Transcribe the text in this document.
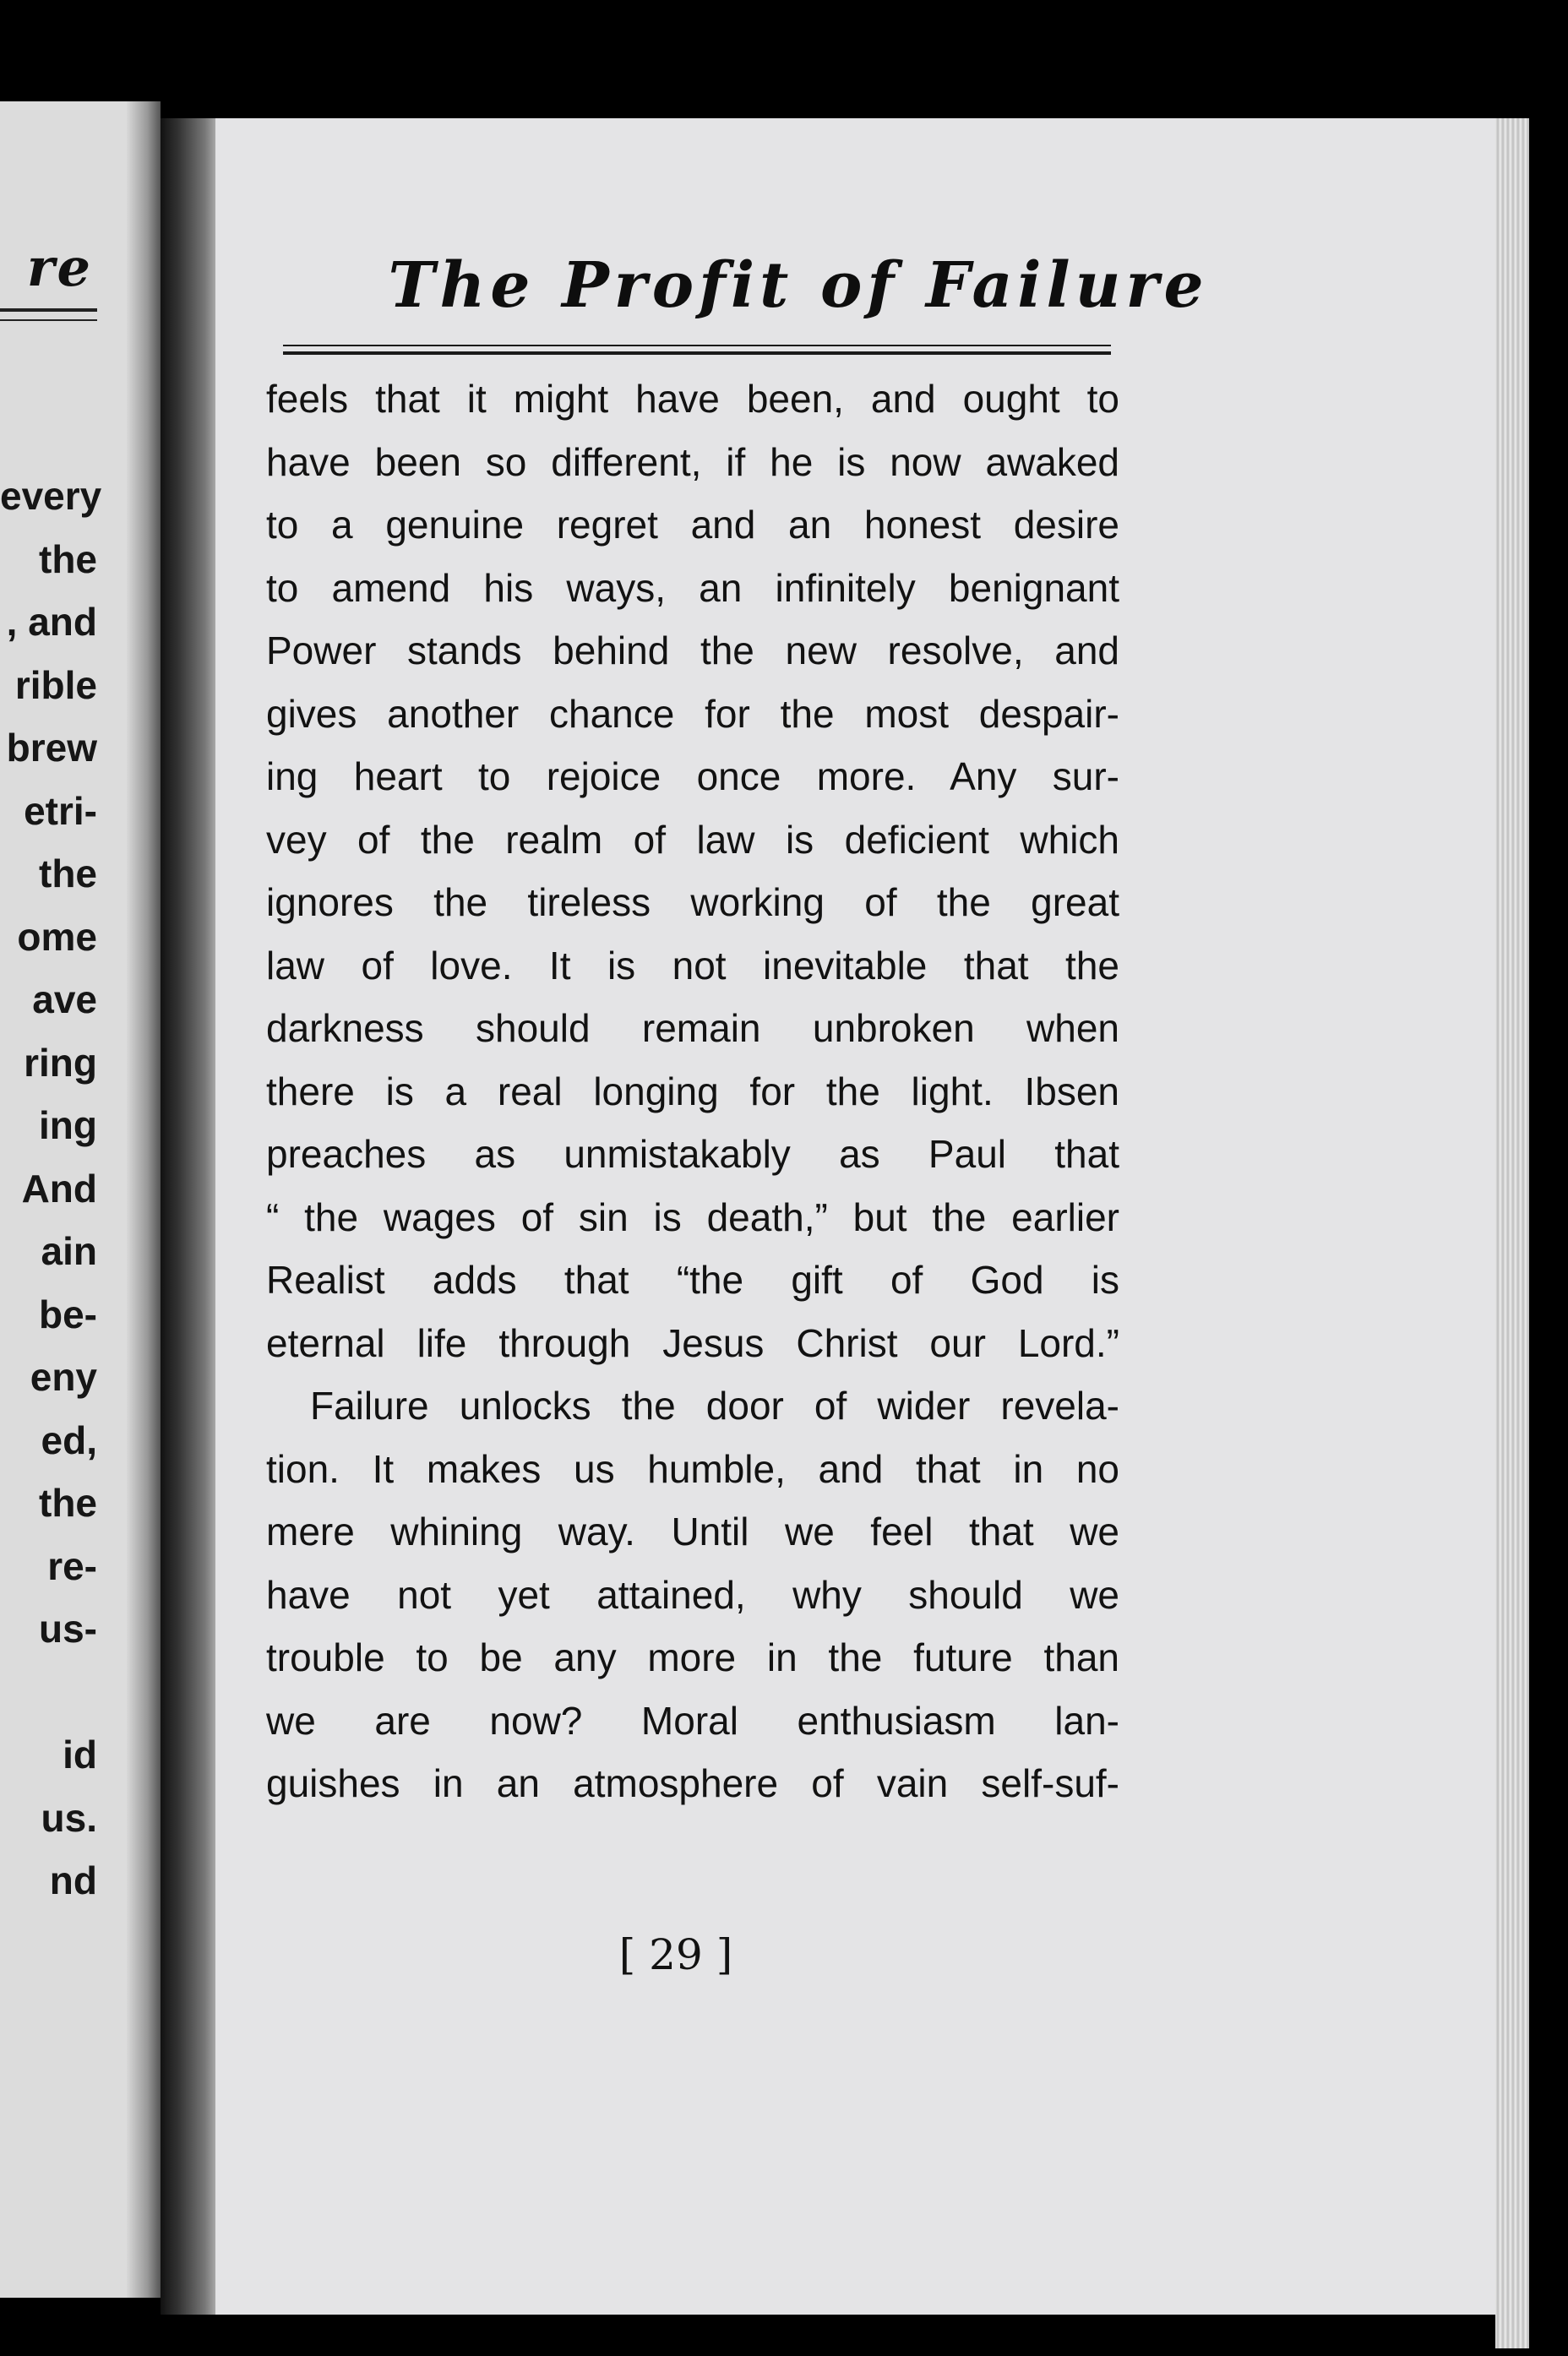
re
every
the
, and
rible
brew
etri-
the
ome
ave
ring
ing
And
ain
be-
eny
ed,
the
re-
us-
id
us.
nd
The Profit of Failure
feels that it might have been, and ought to
have been so different, if he is now awaked
to a genuine regret and an honest desire
to amend his ways, an infinitely benignant
Power stands behind the new resolve, and
gives another chance for the most despair-
ing heart to rejoice once more. Any sur-
vey of the realm of law is deficient which
ignores the tireless working of the great
law of love. It is not inevitable that the
darkness should remain unbroken when
there is a real longing for the light. Ibsen
preaches as unmistakably as Paul that
“ the wages of sin is death,” but the earlier
Realist adds that “the gift of God is
eternal life through Jesus Christ our Lord.”
Failure unlocks the door of wider revela-
tion. It makes us humble, and that in no
mere whining way. Until we feel that we
have not yet attained, why should we
trouble to be any more in the future than
we are now? Moral enthusiasm lan-
guishes in an atmosphere of vain self-suf-
[ 29 ]
